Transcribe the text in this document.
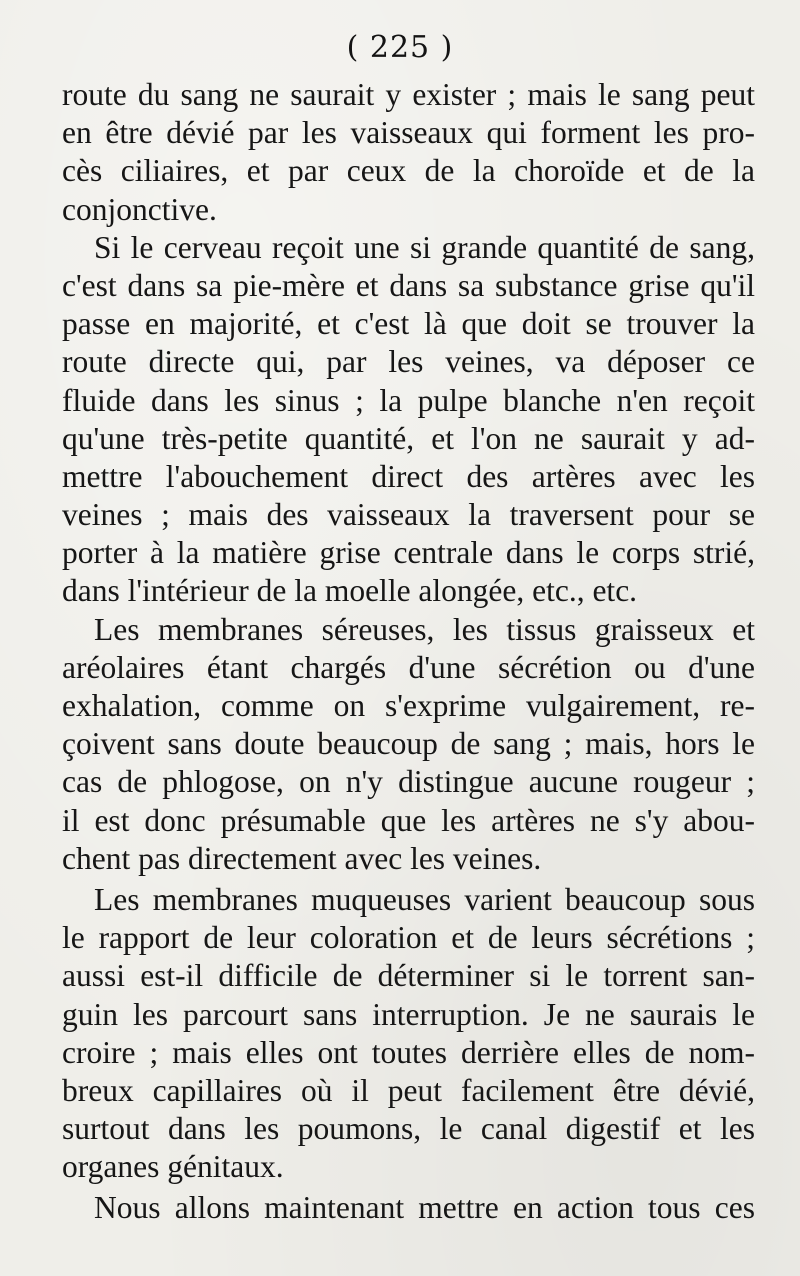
( 225 )
route du sang ne saurait y exister ; mais le sang peut
en être dévié par les vaisseaux qui forment les pro-
cès ciliaires, et par ceux de la choroïde et de la
conjonctive.
Si le cerveau reçoit une si grande quantité de sang,
c'est dans sa pie-mère et dans sa substance grise qu'il
passe en majorité, et c'est là que doit se trouver la
route directe qui, par les veines, va déposer ce
fluide dans les sinus ; la pulpe blanche n'en reçoit
qu'une très-petite quantité, et l'on ne saurait y ad-
mettre l'abouchement direct des artères avec les
veines ; mais des vaisseaux la traversent pour se
porter à la matière grise centrale dans le corps strié,
dans l'intérieur de la moelle alongée, etc., etc.
Les membranes séreuses, les tissus graisseux et
aréolaires étant chargés d'une sécrétion ou d'une
exhalation, comme on s'exprime vulgairement, re-
çoivent sans doute beaucoup de sang ; mais, hors le
cas de phlogose, on n'y distingue aucune rougeur ;
il est donc présumable que les artères ne s'y abou-
chent pas directement avec les veines.
Les membranes muqueuses varient beaucoup sous
le rapport de leur coloration et de leurs sécrétions ;
aussi est-il difficile de déterminer si le torrent san-
guin les parcourt sans interruption. Je ne saurais le
croire ; mais elles ont toutes derrière elles de nom-
breux capillaires où il peut facilement être dévié,
surtout dans les poumons, le canal digestif et les
organes génitaux.
Nous allons maintenant mettre en action tous ces
